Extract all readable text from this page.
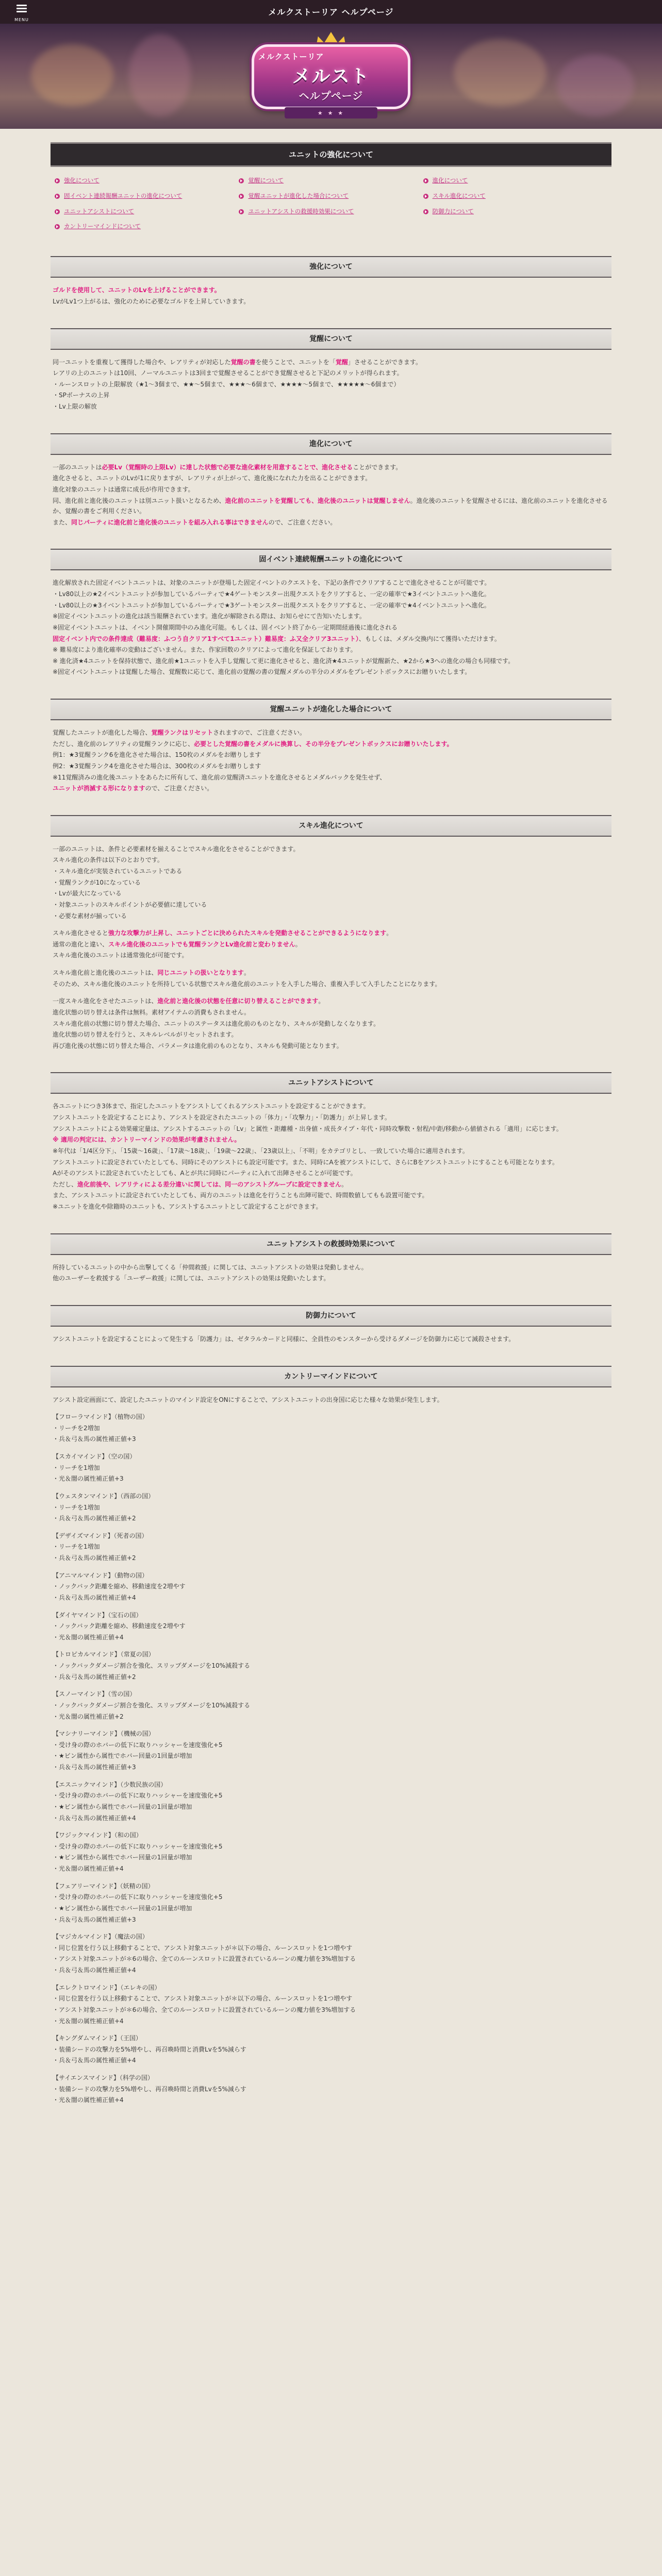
MENU
メルクストーリア ヘルプページ
メルクストーリア
メルスト
ヘルプページ
★ ★ ★
ユニットの強化について
強化について	覚醒について	進化について
固イベント連続報酬ユニットの進化について	覚醒ユニットが進化した場合について	スキル進化について
ユニットアシストについて	ユニットアシストの救援時効果について	防御力について
カントリーマインドについて
強化について

ゴルドを使用して、ユニットのLvを上げることができます。

LvがLv1つ上がるは、強化のために必要なゴルドを上昇していきます。

覚醒について

同一ユニットを重複して獲得した場合や、レアリティが対応した覚醒の書を使うことで、ユニットを「覚醒」させることができます。

レアリの上のユニットは10回、ノーマルユニットは3回まで覚醒させることができ覚醒させると下記のメリットが得られます。

・ルーンスロットの上限解放（★1〜3個まで、★★〜5個まで、★★★〜6個まで、★★★★〜5個まで、★★★★★〜6個まで）

・SPボーナスの上昇

・Lv上限の解放

進化について

一部のユニットは必要Lv（覚醒時の上限Lv）に達した状態で必要な進化素材を用意することで、進化させることができます。

進化させると、ユニットのLvが1に戻りますが、レアリティが上がって、進化後になれた力を出ることができます。

進化対象のユニットは通常に成長が作用できます。

同、進化前と進化後のユニットは別ユニット扱いとなるため、進化前のユニットを覚醒しても、進化後のユニットは覚醒しません。進化後のユニットを覚醒させるには、進化前のユニットを進化させるか、覚醒の書をご利用ください。

また、同じパーティに進化前と進化後のユニットを組み入れる事はできませんので、ご注意ください。

固イベント連続報酬ユニットの進化について

進化解放された固定イベントユニットは、対象のユニットが登場した固定イベントのクエストを、下記の条件でクリアすることで進化させることが可能です。

・Lv80以上の★2イベントユニットが参加しているパーティで★4ゲートモンスター出現クエストをクリアすると、一定の確率で★3イベントユニットへ進化。

・Lv80以上の★3イベントユニットが参加しているパーティで★3ゲートモンスター出現クエストをクリアすると、一定の確率で★4イベントユニットへ進化。

※固定イベントユニットの進化は該当報酬されています。進化が解除される際は、お知らせにて告知いたします。

※固定イベントユニットは、イベント開催期間中のみ進化可能。もしくは、固イベント終了から一定期間経過後に進化される

固定イベント内での条件達成（難易度：ふつう自クリア1すべて1ユニット）難易度：ふ又全クリア3ユニット）、もしくは、メダル交換内にて獲得いただけます。

※ 難易度により進化確率の変動はございません。また、作家回数のクリアによって進化を保証しております。

※ 進化済★4ユニットを保持状態で、進化前★1ユニットを入手し覚醒して更に進化させると、進化済★4ユニットが覚醒新た、★2から★3への進化の場合も同様です。

※固定イベントユニットは覚醒した場合、覚醒数に応じて、進化前の覚醒の書の覚醒メダルの半分のメダルをプレゼントボックスにお贈りいたします。

覚醒ユニットが進化した場合について

覚醒したユニットが進化した場合、覚醒ランクはリセットされますので、ご注意ください。

ただし、進化前のレアリティの覚醒ランクに応じ、必要とした覚醒の書をメダルに換算し、その半分をプレゼントボックスにお贈りいたします。

例1：★3覚醒ランク6を進化させた場合は、150枚のメダルをお贈りします

例2：★3覚醒ランク4を進化させた場合は、300枚のメダルをお贈りします

※11覚醒済みの進化後ユニットをあらたに所有して、進化前の覚醒済ユニットを進化させるとメダルバックを発生せず、

ユニットが消滅する形になりますので、ご注意ください。

スキル進化について

一部のユニットは、条件と必要素材を揃えることでスキル進化をさせることができます。

スキル進化の条件は以下のとおりです。

・スキル進化が実装されているユニットである

・覚醒ランクが10になっている

・Lvが最大になっている

・対象ユニットのスキルポイントが必要値に達している

・必要な素材が揃っている

スキル進化させると強力な攻撃力が上昇し、ユニットごとに決められたスキルを発動させることができるようになります。

通常の進化と違い、スキル進化後のユニットでも覚醒ランクとLv進化前と変わりません。

スキル進化後のユニットは通常強化が可能です。

スキル進化前と進化後のユニットは、同じユニットの扱いとなります。

そのため、スキル進化後のユニットを所持している状態でスキル進化前のユニットを入手した場合、重複入手して入手したことになります。

一度スキル進化をさせたユニットは、進化前と進化後の状態を任意に切り替えることができます。

進化状態の切り替えは条件は無料。素材アイテムの消費もされません。

スキル進化前の状態に切り替えた場合、ユニットのステータスは進化前のものとなり、スキルが発動しなくなります。

進化状態の切り替えを行うと、スキルレベルがリセットされます。

再び進化後の状態に切り替えた場合、パラメータは進化前のものとなり、スキルも発動可能となります。

ユニットアシストについて

各ユニットにつき3体まで、指定したユニットをアシストしてくれるアシストユニットを設定することができます。

アシストユニットを設定することにより、アシストを設定されたユニットの「体力」・「攻撃力」・「防護力」が上昇します。

アシストユニットによる効果確定量は、アシストするユニットの「Lv」と属性・距離種・出身値・成長タイプ・年代・同時攻撃数・射程/中距/移動から値値される「適用」に応じます。

※ 適用の判定には、カントリーマインドの効果が考慮されません。

※年代は「1/4区分下」、「15歳〜16歳」、「17歳〜18歳」、「19歳〜22歳」、「23歳以上」、「不明」をカテゴリとし、一致していた場合に適用されます。

アシストユニットに設定されていたとしても、同時にそのアシストにも設定可能です。また、同時にAを被アシストにして、さらにBをアシストユニットにすることも可能となります。

Aがそのアシストに設定されていたとしても、Aとが共に同時にパーティに入れて出陣させることが可能です。

ただし、進化前後や、レアリティによる差分違いに関しては、同一のアシストグループに設定できません。

また、アシストユニットに設定されていたとしても、両方のユニットは進化を行うことも出陣可能で、時間数値してもも設置可能です。

※ユニットを進化や除籍時のユニットも、アシストするユニットとして設定することができます。

ユニットアシストの救援時効果について

所持しているユニットの中から出撃してくる「仲間救援」に関しては、ユニットアシストの効果は発動しません。

他のユーザーを救援する「ユーザー救援」に関しては、ユニットアシストの効果は発動いたします。

防御力について

アシストユニットを設定することによって発生する「防護力」は、ゼタラルカードと同様に、全員性のモンスターから受けるダメージを防御力に応じて減殺させます。

カントリーマインドについて

アシスト設定画面にて、設定したユニットのマインド設定をONにすることで、アシストユニットの出身国に応じた様々な効果が発生します。

【フローラマインド】（植物の国）

・リーチを2増加

・兵＆弓＆馬の属性補正値+3

【スカイマインド】（空の国）

・リーチを1増加

・光＆闇の属性補正値+3

【ウェスタンマインド】（西部の国）

・リーチを1増加

・兵＆弓＆馬の属性補正値+2

【デザイズマインド】（死者の国）

・リーチを1増加

・兵＆弓＆馬の属性補正値+2

【アニマルマインド】（動物の国）

・ノックバック距離を縮め、移動速度を2増やす

・兵＆弓＆馬の属性補正値+4

【ダイヤマインド】（宝石の国）

・ノックバック距離を縮め、移動速度を2増やす

・光＆闇の属性補正値+4

【トロピカルマインド】（常夏の国）

・ノックバックダメージ割合を強化、スリップダメージを10%減殺する

・兵＆弓＆馬の属性補正値+2

【スノーマインド】（雪の国）

・ノックバックダメージ割合を強化、スリップダメージを10%減殺する

・光＆闇の属性補正値+2

【マシナリーマインド】（機械の国）

・受け身の際のホバーの低下に取りハッシャーを速度強化+5

・★ビン属性から属性でホバー回量の1回量が増加

・兵＆弓＆馬の属性補正値+3

【エスニックマインド】（少数民族の国）

・受け身の際のホバーの低下に取りハッシャーを速度強化+5

・★ビン属性から属性でホバー回量の1回量が増加

・兵＆弓＆馬の属性補正値+4

【ワジックマインド】（和の国）

・受け身の際のホバーの低下に取りハッシャーを速度強化+5

・★ビン属性から属性でホバー回量の1回量が増加

・光＆闇の属性補正値+4

【フェアリーマインド】（妖精の国）

・受け身の際のホバーの低下に取りハッシャーを速度強化+5

・★ビン属性から属性でホバー回量の1回量が増加

・兵＆弓＆馬の属性補正値+3

【マジカルマインド】（魔法の国）

・同じ位置を行う以上移動することで、アシスト対象ユニットが＊以下の場合、ルーンスロットを1つ増やす

・アシスト対象ユニットが＊6の場合、全てのルーンスロットに設置されているルーンの魔力値を3%増加する

・兵＆弓＆馬の属性補正値+4

【エレクトロマインド】（エレキの国）

・同じ位置を行う以上移動することで、アシスト対象ユニットが＊以下の場合、ルーンスロットを1つ増やす

・アシスト対象ユニットが＊6の場合、全てのルーンスロットに設置されているルーンの魔力値を3%増加する

・光＆闇の属性補正値+4

【キングダムマインド】（王国）

・装備シードの攻撃力を5%増やし、再召喚時間と消費Lvを5%減らす

・兵＆弓＆馬の属性補正値+4

【サイエンスマインド】（科学の国）

・装備シードの攻撃力を5%増やし、再召喚時間と消費Lvを5%減らす

・光＆闇の属性補正値+4
